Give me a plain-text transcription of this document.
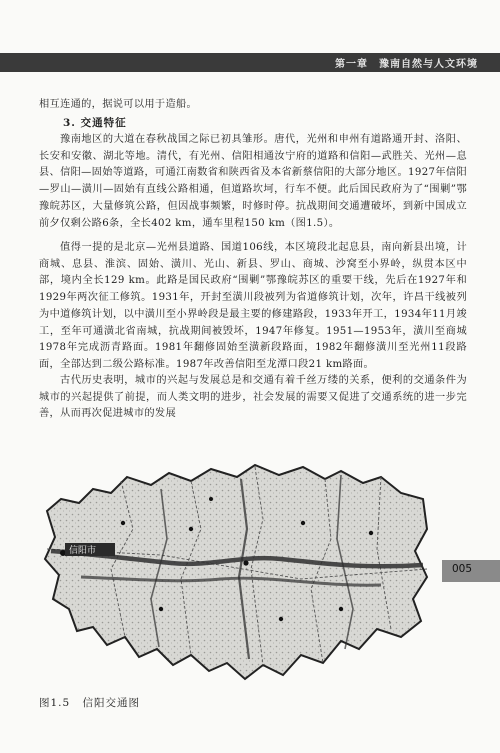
第一章　豫南自然与人文环境
相互连通的，据说可以用于造船。
3. 交通特征
豫南地区的大道在春秋战国之际已初具雏形。唐代，光州和申州有道路通开封、洛阳、长安和安徽、湖北等地。清代，有光州、信阳相通汝宁府的道路和信阳—武胜关、光州—息县、信阳—固始等道路，可通江南数省和陕西省及本省新蔡信阳的大部分地区。1927年信阳—罗山—潢川—固始有直线公路相通，但道路坎坷，行车不便。此后国民政府为了“围剿”鄂豫皖苏区，大量修筑公路，但因战事频繁，时修时停。抗战期间交通遭破坏，到新中国成立前夕仅剩公路6条，全长402 km，通车里程150 km（图1.5）。
值得一提的是北京—光州县道路、国道106线，本区境段北起息县，南向新县出境，计商城、息县、淮滨、固始、潢川、光山、新县、罗山、商城、沙窝至小界岭，纵贯本区中部，境内全长129 km。此路是国民政府“围剿”鄂豫皖苏区的重要干线，先后在1927年和1929年两次征工修筑。1931年，开封至潢川段被列为省道修筑计划，次年，许昌干线被列为中道修筑计划，以中潢川至小界岭段是最主要的修建路段，1933年开工，1934年11月竣工，至年可通潢北省南城，抗战期间被毁坏，1947年修复。1951—1953年，潢川至商城1978年完成沥青路面。1981年翻修固始至潢新段路面，1982年翻修潢川至光州11段路面，全部达到二级公路标准。1987年改善信阳至龙潭口段21 km路面。
古代历史表明，城市的兴起与发展总是和交通有着千丝万缕的关系，便利的交通条件为城市的兴起提供了前提，而人类文明的进步，社会发展的需要又促进了交通系统的进一步完善，从而再次促进城市的发展
信阳市
005
图1.5 信阳交通图
